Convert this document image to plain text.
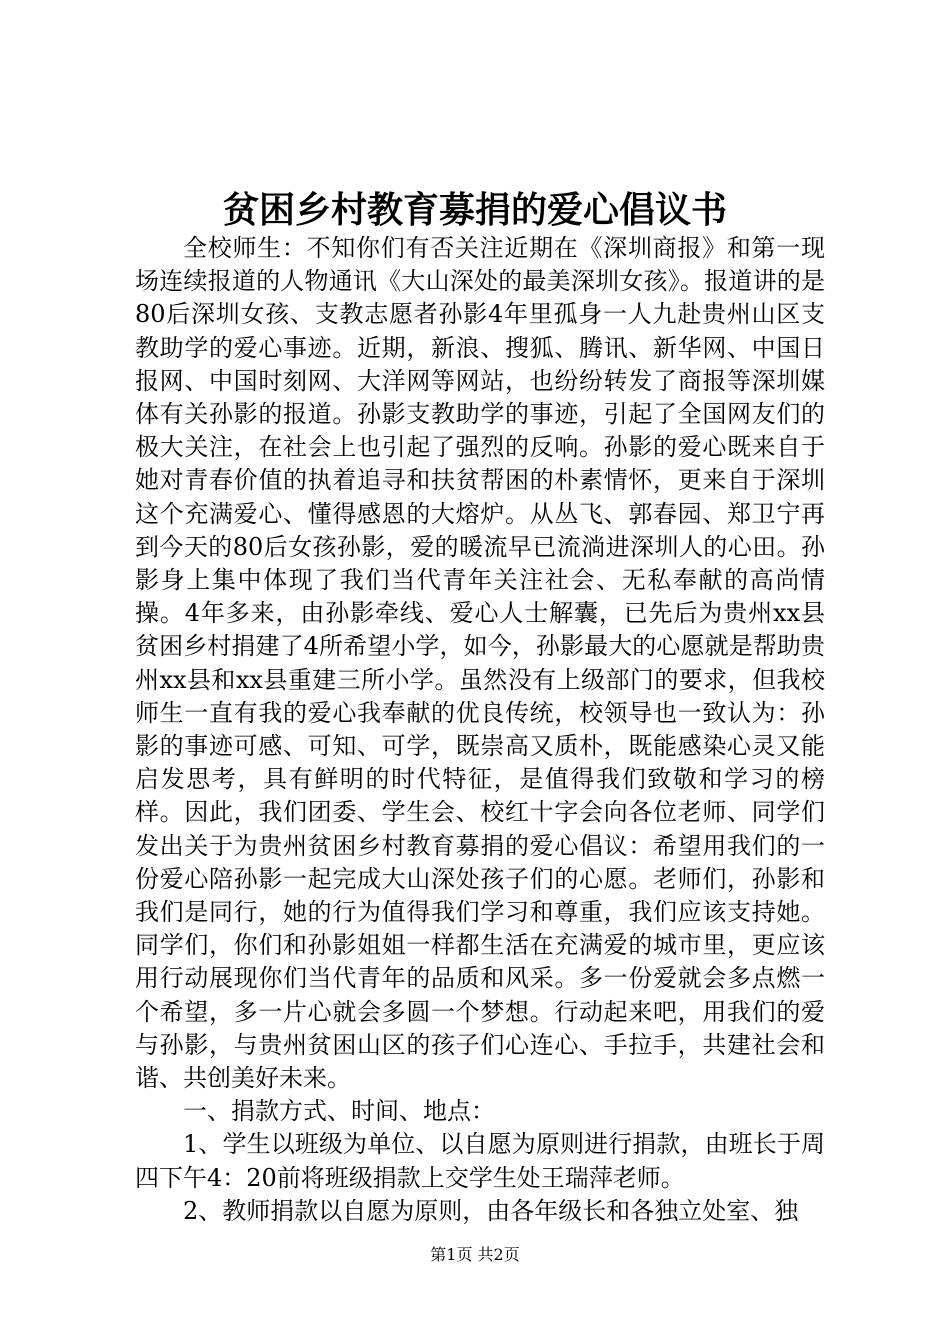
贫困乡村教育募捐的爱心倡议书

全校师生：不知你们有否关注近期在《深圳商报》和第一现场连续报道的人物通讯《大山深处的最美深圳女孩》。报道讲的是80后深圳女孩、支教志愿者孙影4年里孤身一人九赴贵州山区支教助学的爱心事迹。近期，新浪、搜狐、腾讯、新华网、中国日报网、中国时刻网、大洋网等网站，也纷纷转发了商报等深圳媒体有关孙影的报道。孙影支教助学的事迹，引起了全国网友们的极大关注，在社会上也引起了强烈的反响。孙影的爱心既来自于她对青春价值的执着追寻和扶贫帮困的朴素情怀，更来自于深圳这个充满爱心、懂得感恩的大熔炉。从丛飞、郭春园、郑卫宁再到今天的80后女孩孙影，爱的暖流早已流淌进深圳人的心田。孙影身上集中体现了我们当代青年关注社会、无私奉献的高尚情操。4年多来，由孙影牵线、爱心人士解囊，已先后为贵州xx县贫困乡村捐建了4所希望小学，如今，孙影最大的心愿就是帮助贵州xx县和xx县重建三所小学。虽然没有上级部门的要求，但我校师生一直有我的爱心我奉献的优良传统，校领导也一致认为：孙影的事迹可感、可知、可学，既崇高又质朴，既能感染心灵又能启发思考，具有鲜明的时代特征，是值得我们致敬和学习的榜样。因此，我们团委、学生会、校红十字会向各位老师、同学们发出关于为贵州贫困乡村教育募捐的爱心倡议：希望用我们的一份爱心陪孙影一起完成大山深处孩子们的心愿。老师们，孙影和我们是同行，她的行为值得我们学习和尊重，我们应该支持她。同学们，你们和孙影姐姐一样都生活在充满爱的城市里，更应该用行动展现你们当代青年的品质和风采。多一份爱就会多点燃一个希望，多一片心就会多圆一个梦想。行动起来吧，用我们的爱与孙影，与贵州贫困山区的孩子们心连心、手拉手，共建社会和谐、共创美好未来。

一、捐款方式、时间、地点：

1、学生以班级为单位、以自愿为原则进行捐款，由班长于周四下午4：20前将班级捐款上交学生处王瑞萍老师。

2、教师捐款以自愿为原则，由各年级长和各独立处室、独

第1页 共2页
